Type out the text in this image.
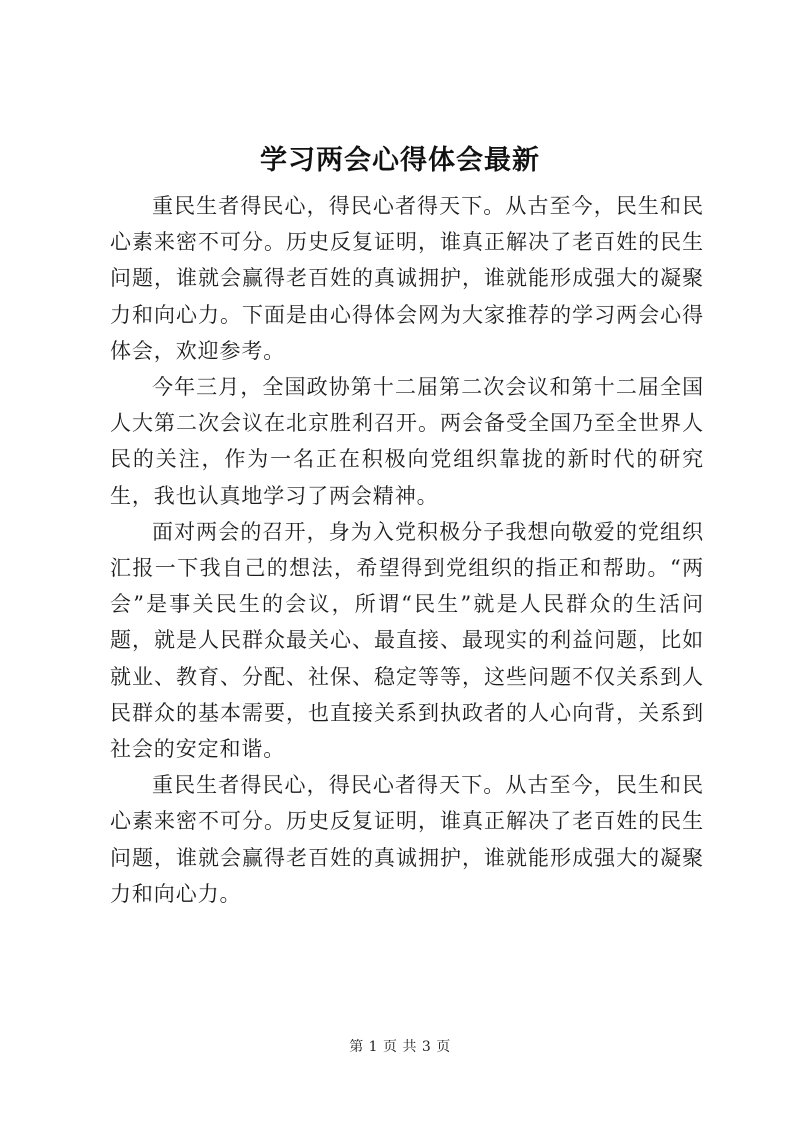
学习两会心得体会最新

重民生者得民心，得民心者得天下。从古至今，民生和民心素来密不可分。历史反复证明，谁真正解决了老百姓的民生问题，谁就会赢得老百姓的真诚拥护，谁就能形成强大的凝聚力和向心力。下面是由心得体会网为大家推荐的学习两会心得体会，欢迎参考。

今年三月，全国政协第十二届第二次会议和第十二届全国人大第二次会议在北京胜利召开。两会备受全国乃至全世界人民的关注，作为一名正在积极向党组织靠拢的新时代的研究生，我也认真地学习了两会精神。

面对两会的召开，身为入党积极分子我想向敬爱的党组织汇报一下我自己的想法，希望得到党组织的指正和帮助。“两会”是事关民生的会议，所谓“民生”就是人民群众的生活问题，就是人民群众最关心、最直接、最现实的利益问题，比如就业、教育、分配、社保、稳定等等，这些问题不仅关系到人民群众的基本需要，也直接关系到执政者的人心向背，关系到社会的安定和谐。

重民生者得民心，得民心者得天下。从古至今，民生和民心素来密不可分。历史反复证明，谁真正解决了老百姓的民生问题，谁就会赢得老百姓的真诚拥护，谁就能形成强大的凝聚力和向心力。

第 1 页 共 3 页
